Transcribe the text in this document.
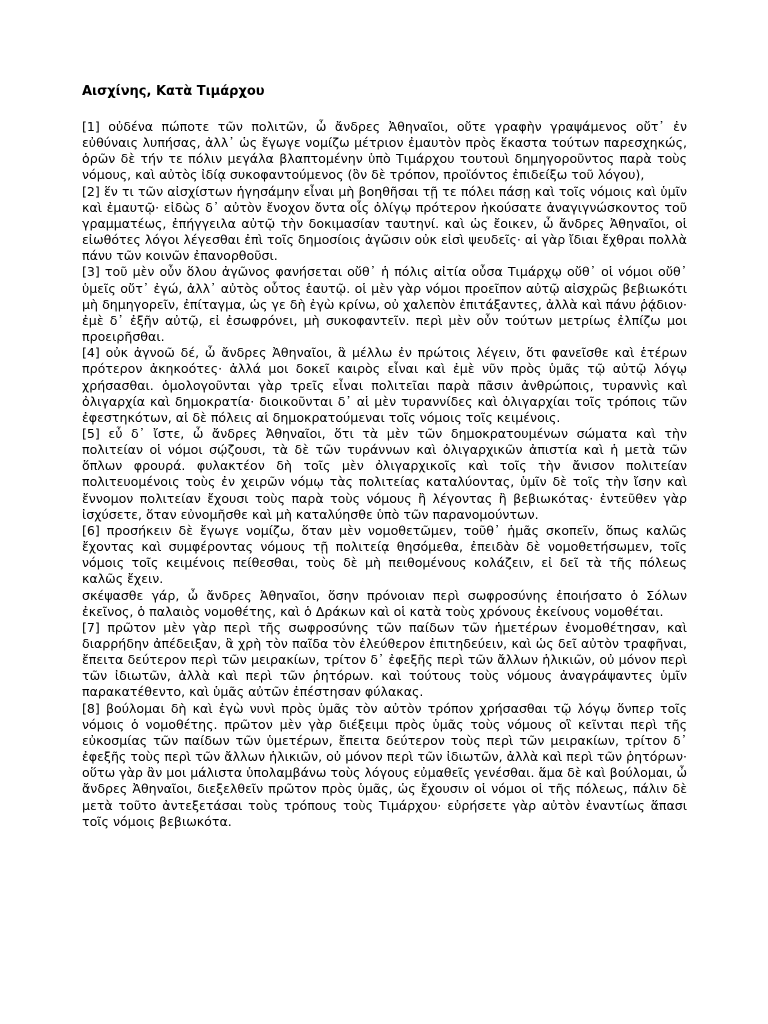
Αισχίνης, Κατὰ Τιμάρχου

[1] οὐδένα πώποτε τῶν πολιτῶν, ὦ ἄνδρες Ἀθηναῖοι, οὔτε γραφὴν γραψάμενος οὔτ᾽ ἐν εὐθύναις λυπήσας, ἀλλ᾽ ὡς ἔγωγε νομίζω μέτριον ἐμαυτὸν πρὸς ἕκαστα τούτων παρεσχηκώς, ὁρῶν δὲ τήν τε πόλιν μεγάλα βλαπτομένην ὑπὸ Τιμάρχου τουτουὶ δημηγοροῦντος παρὰ τοὺς νόμους, καὶ αὐτὸς ἰδίᾳ συκοφαντούμενος (ὃν δὲ τρόπον, προϊόντος ἐπιδείξω τοῦ λόγου),

[2] ἕν τι τῶν αἰσχίστων ἡγησάμην εἶναι μὴ βοηθῆσαι τῇ τε πόλει πάσῃ καὶ τοῖς νόμοις καὶ ὑμῖν καὶ ἐμαυτῷ· εἰδὼς δ᾽ αὐτὸν ἔνοχον ὄντα οἷς ὀλίγῳ πρότερον ἠκούσατε ἀναγιγνώσκοντος τοῦ γραμματέως, ἐπήγγειλα αὐτῷ τὴν δοκιμασίαν ταυτηνί. καὶ ὡς ἔοικεν, ὦ ἄνδρες Ἀθηναῖοι, οἱ εἰωθότες λόγοι λέγεσθαι ἐπὶ τοῖς δημοσίοις ἀγῶσιν οὐκ εἰσὶ ψευδεῖς· αἱ γὰρ ἴδιαι ἔχθραι πολλὰ πάνυ τῶν κοινῶν ἐπανορθοῦσι.

[3] τοῦ μὲν οὖν ὅλου ἀγῶνος φανήσεται οὔθ᾽ ἡ πόλις αἰτία οὖσα Τιμάρχῳ οὔθ᾽ οἱ νόμοι οὔθ᾽ ὑμεῖς οὔτ᾽ ἐγώ, ἀλλ᾽ αὐτὸς οὗτος ἑαυτῷ. οἱ μὲν γὰρ νόμοι προεῖπον αὐτῷ αἰσχρῶς βεβιωκότι μὴ δημηγορεῖν, ἐπίταγμα, ὡς γε δὴ ἐγὼ κρίνω, οὐ χαλεπὸν ἐπιτάξαντες, ἀλλὰ καὶ πάνυ ῥᾴδιον· ἐμὲ δ᾽ ἐξῆν αὐτῷ, εἰ ἐσωφρόνει, μὴ συκοφαντεῖν. περὶ μὲν οὖν τούτων μετρίως ἐλπίζω μοι προειρῆσθαι.

[4] οὐκ ἀγνοῶ δέ, ὦ ἄνδρες Ἀθηναῖοι, ἃ μέλλω ἐν πρώτοις λέγειν, ὅτι φανεῖσθε καὶ ἑτέρων πρότερον ἀκηκοότες· ἀλλά μοι δοκεῖ καιρὸς εἶναι καὶ ἐμὲ νῦν πρὸς ὑμᾶς τῷ αὐτῷ λόγῳ χρήσασθαι. ὁμολογοῦνται γὰρ τρεῖς εἶναι πολιτεῖαι παρὰ πᾶσιν ἀνθρώποις, τυραννὶς καὶ ὀλιγαρχία καὶ δημοκρατία· διοικοῦνται δ᾽ αἱ μὲν τυραννίδες καὶ ὀλιγαρχίαι τοῖς τρόποις τῶν ἐφεστηκότων, αἱ δὲ πόλεις αἱ δημοκρατούμεναι τοῖς νόμοις τοῖς κειμένοις.

[5] εὖ δ᾽ ἴστε, ὦ ἄνδρες Ἀθηναῖοι, ὅτι τὰ μὲν τῶν δημοκρατουμένων σώματα καὶ τὴν πολιτείαν οἱ νόμοι σῴζουσι, τὰ δὲ τῶν τυράννων καὶ ὀλιγαρχικῶν ἀπιστία καὶ ἡ μετὰ τῶν ὅπλων φρουρά. φυλακτέον δὴ τοῖς μὲν ὀλιγαρχικοῖς καὶ τοῖς τὴν ἄνισον πολιτείαν πολιτευομένοις τοὺς ἐν χειρῶν νόμῳ τὰς πολιτείας καταλύοντας, ὑμῖν δὲ τοῖς τὴν ἴσην καὶ ἔννομον πολιτείαν ἔχουσι τοὺς παρὰ τοὺς νόμους ἢ λέγοντας ἢ βεβιωκότας· ἐντεῦθεν γὰρ ἰσχύσετε, ὅταν εὐνομῆσθε καὶ μὴ καταλύησθε ὑπὸ τῶν παρανομούντων.

[6] προσήκειν δὲ ἔγωγε νομίζω, ὅταν μὲν νομοθετῶμεν, τοῦθ᾽ ἡμᾶς σκοπεῖν, ὅπως καλῶς ἔχοντας καὶ συμφέροντας νόμους τῇ πολιτείᾳ θησόμεθα, ἐπειδὰν δὲ νομοθετήσωμεν, τοῖς νόμοις τοῖς κειμένοις πείθεσθαι, τοὺς δὲ μὴ πειθομένους κολάζειν, εἰ δεῖ τὰ τῆς πόλεως καλῶς ἔχειν.

σκέψασθε γάρ, ὦ ἄνδρες Ἀθηναῖοι, ὅσην πρόνοιαν περὶ σωφροσύνης ἐποιήσατο ὁ Σόλων ἐκεῖνος, ὁ παλαιὸς νομοθέτης, καὶ ὁ Δράκων καὶ οἱ κατὰ τοὺς χρόνους ἐκείνους νομοθέται.

[7] πρῶτον μὲν γὰρ περὶ τῆς σωφροσύνης τῶν παίδων τῶν ἡμετέρων ἐνομοθέτησαν, καὶ διαρρήδην ἀπέδειξαν, ἃ χρὴ τὸν παῖδα τὸν ἐλεύθερον ἐπιτηδεύειν, καὶ ὡς δεῖ αὐτὸν τραφῆναι, ἔπειτα δεύτερον περὶ τῶν μειρακίων, τρίτον δ᾽ ἐφεξῆς περὶ τῶν ἄλλων ἡλικιῶν, οὐ μόνον περὶ τῶν ἰδιωτῶν, ἀλλὰ καὶ περὶ τῶν ῥητόρων. καὶ τούτους τοὺς νόμους ἀναγράψαντες ὑμῖν παρακατέθεντο, καὶ ὑμᾶς αὐτῶν ἐπέστησαν φύλακας.

[8] βούλομαι δὴ καὶ ἐγὼ νυνὶ πρὸς ὑμᾶς τὸν αὐτὸν τρόπον χρήσασθαι τῷ λόγῳ ὅνπερ τοῖς νόμοις ὁ νομοθέτης. πρῶτον μὲν γὰρ διέξειμι πρὸς ὑμᾶς τοὺς νόμους οἳ κεῖνται περὶ τῆς εὐκοσμίας τῶν παίδων τῶν ὑμετέρων, ἔπειτα δεύτερον τοὺς περὶ τῶν μειρακίων, τρίτον δ᾽ ἐφεξῆς τοὺς περὶ τῶν ἄλλων ἡλικιῶν, οὐ μόνον περὶ τῶν ἰδιωτῶν, ἀλλὰ καὶ περὶ τῶν ῥητόρων· οὕτω γὰρ ἂν μοι μάλιστα ὑπολαμβάνω τοὺς λόγους εὐμαθεῖς γενέσθαι. ἅμα δὲ καὶ βούλομαι, ὦ ἄνδρες Ἀθηναῖοι, διεξελθεῖν πρῶτον πρὸς ὑμᾶς, ὡς ἔχουσιν οἱ νόμοι οἱ τῆς πόλεως, πάλιν δὲ μετὰ τοῦτο ἀντεξετάσαι τοὺς τρόπους τοὺς Τιμάρχου· εὑρήσετε γὰρ αὐτὸν ἐναντίως ἅπασι τοῖς νόμοις βεβιωκότα.
